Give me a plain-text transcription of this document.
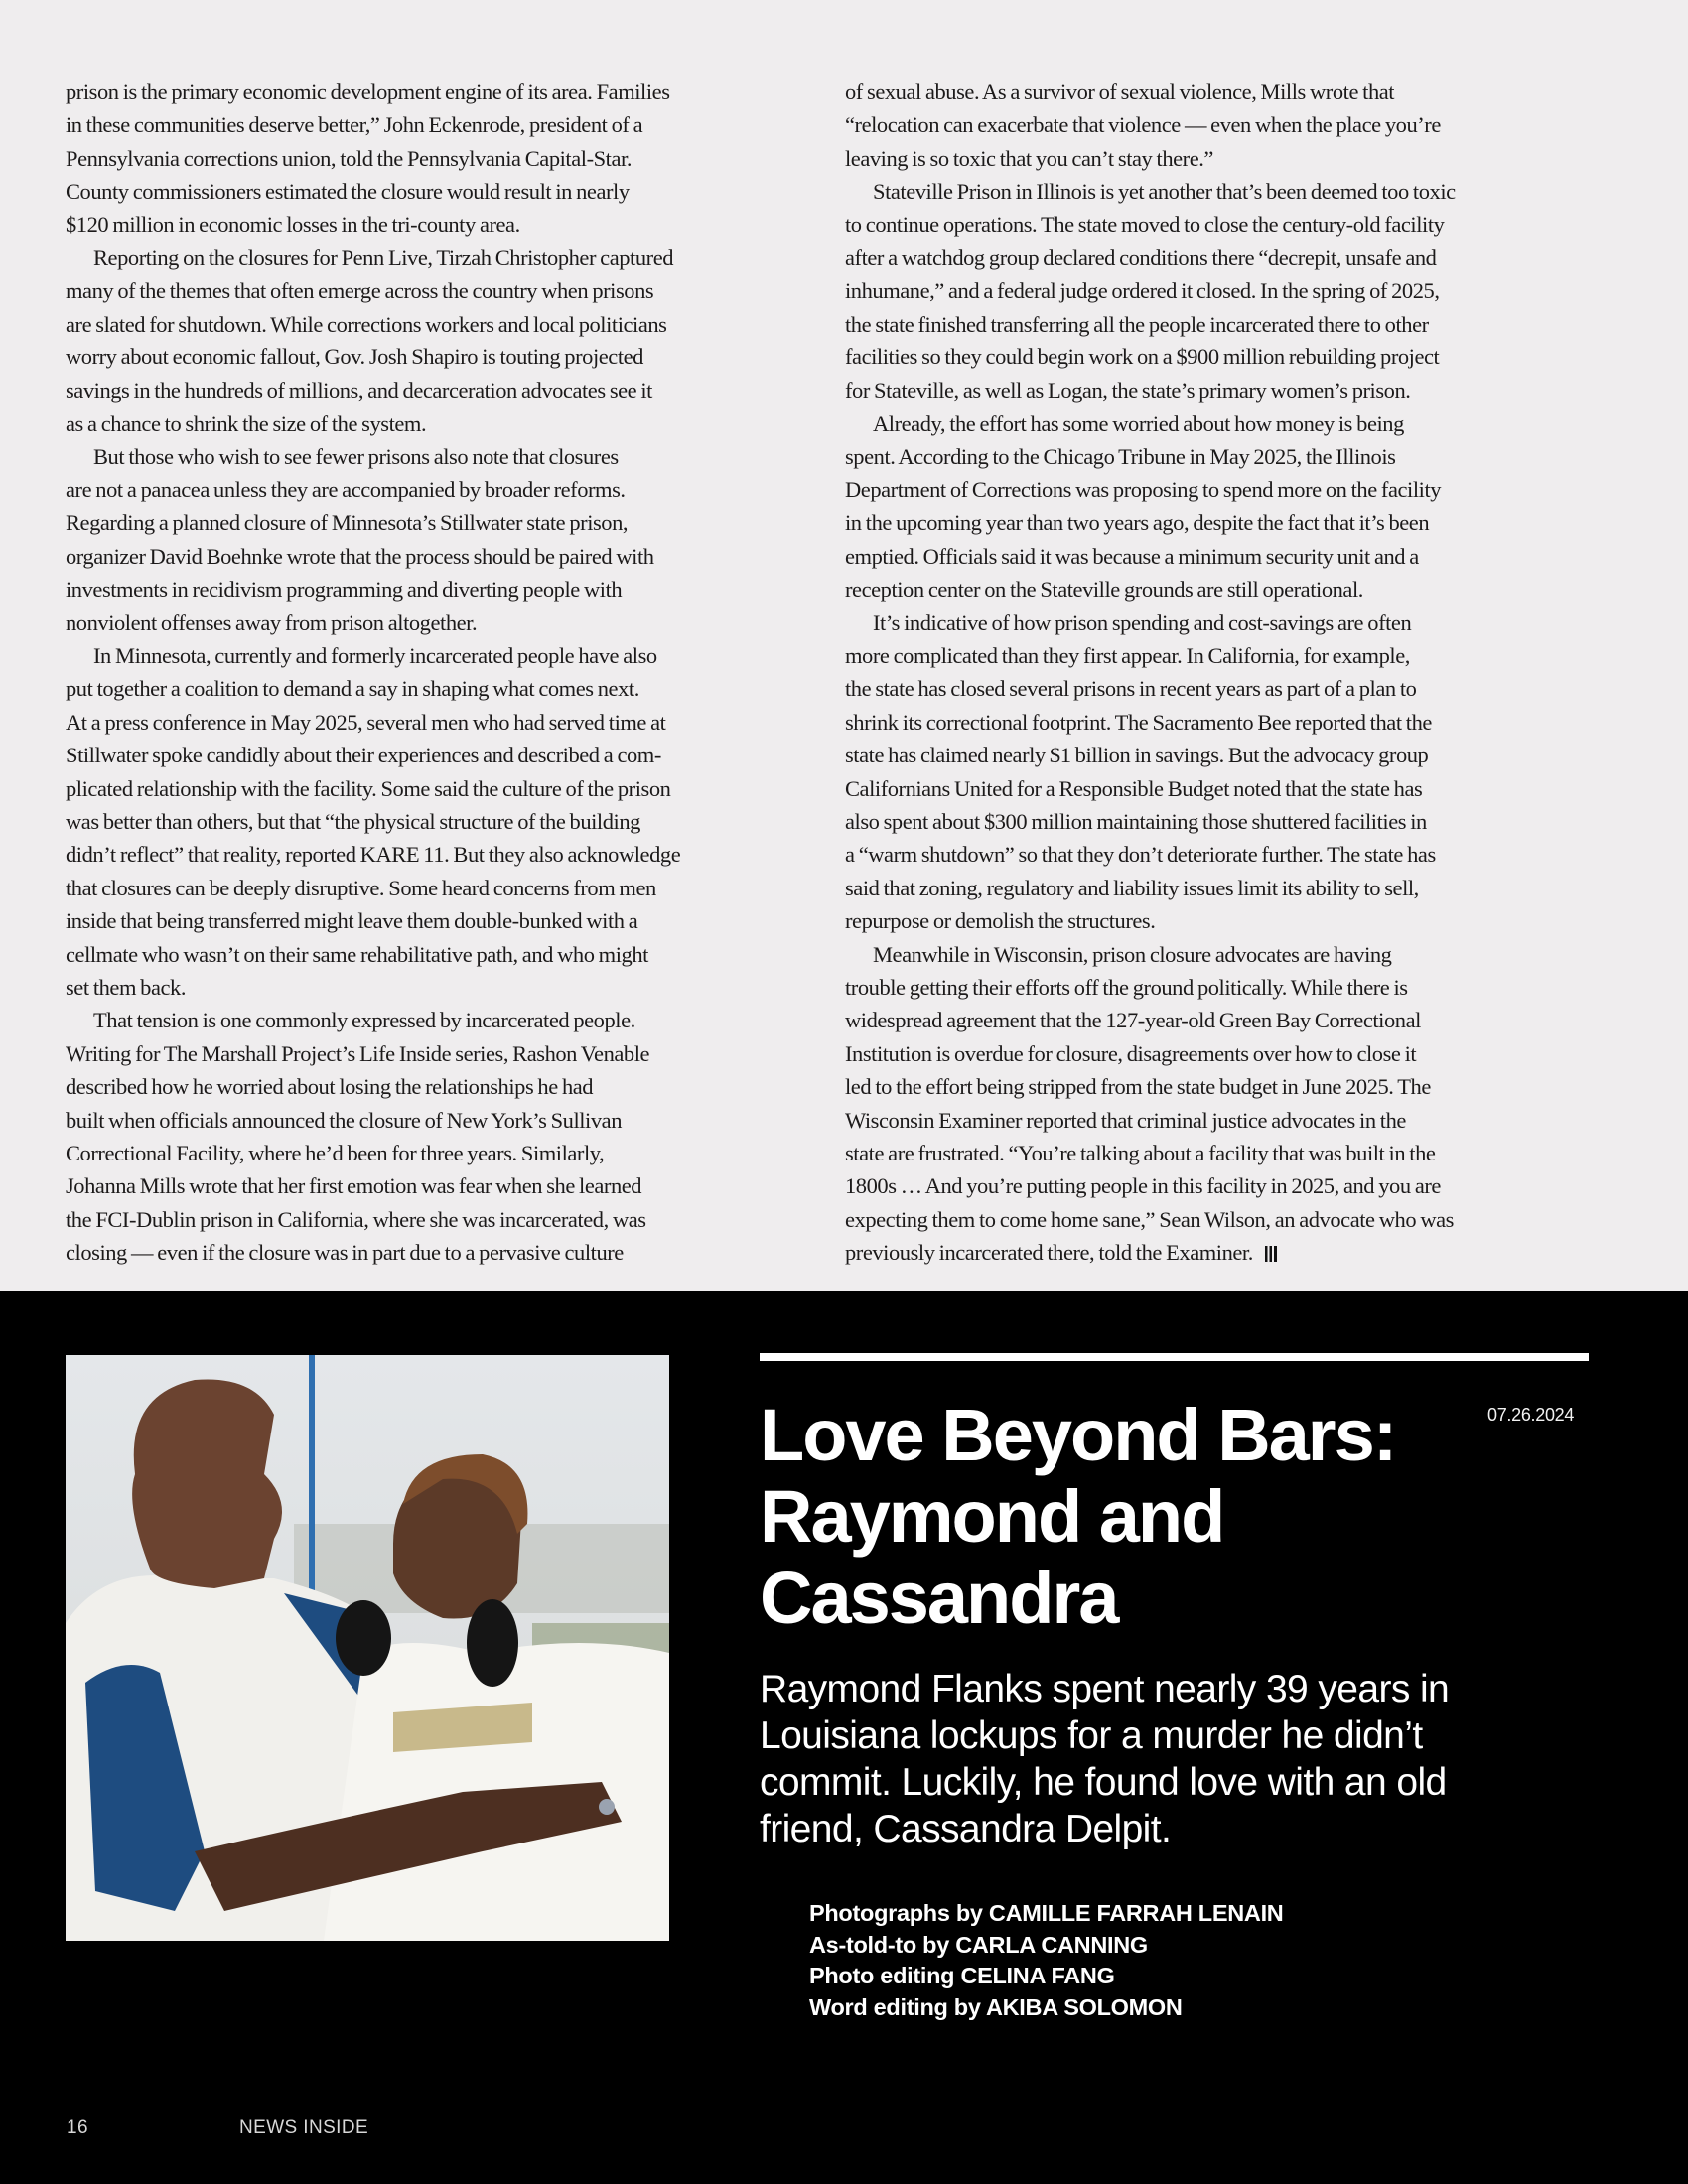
prison is the primary economic development engine of its area. Families
in these communities deserve better,” John Eckenrode, president of a
Pennsylvania corrections union, told the Pennsylvania Capital-Star.
County commissioners estimated the closure would result in nearly
$120 million in economic losses in the tri-county area.
Reporting on the closures for Penn Live, Tirzah Christopher captured
many of the themes that often emerge across the country when prisons
are slated for shutdown. While corrections workers and local politicians
worry about economic fallout, Gov. Josh Shapiro is touting projected
savings in the hundreds of millions, and decarceration advocates see it
as a chance to shrink the size of the system.
But those who wish to see fewer prisons also note that closures
are not a panacea unless they are accompanied by broader reforms.
Regarding a planned closure of Minnesota’s Stillwater state prison,
organizer David Boehnke wrote that the process should be paired with
investments in recidivism programming and diverting people with
nonviolent offenses away from prison altogether.
In Minnesota, currently and formerly incarcerated people have also
put together a coalition to demand a say in shaping what comes next.
At a press conference in May 2025, several men who had served time at
Stillwater spoke candidly about their experiences and described a com-
plicated relationship with the facility. Some said the culture of the prison
was better than others, but that “the physical structure of the building
didn’t reflect” that reality, reported KARE 11. But they also acknowledge
that closures can be deeply disruptive. Some heard concerns from men
inside that being transferred might leave them double-bunked with a
cellmate who wasn’t on their same rehabilitative path, and who might
set them back.
That tension is one commonly expressed by incarcerated people.
Writing for The Marshall Project’s Life Inside series, Rashon Venable
described how he worried about losing the relationships he had
built when officials announced the closure of New York’s Sullivan
Correctional Facility, where he’d been for three years. Similarly,
Johanna Mills wrote that her first emotion was fear when she learned
the FCI-Dublin prison in California, where she was incarcerated, was
closing — even if the closure was in part due to a pervasive culture
of sexual abuse. As a survivor of sexual violence, Mills wrote that
“relocation can exacerbate that violence — even when the place you’re
leaving is so toxic that you can’t stay there.”
Stateville Prison in Illinois is yet another that’s been deemed too toxic
to continue operations. The state moved to close the century-old facility
after a watchdog group declared conditions there “decrepit, unsafe and
inhumane,” and a federal judge ordered it closed. In the spring of 2025,
the state finished transferring all the people incarcerated there to other
facilities so they could begin work on a $900 million rebuilding project
for Stateville, as well as Logan, the state’s primary women’s prison.
Already, the effort has some worried about how money is being
spent. According to the Chicago Tribune in May 2025, the Illinois
Department of Corrections was proposing to spend more on the facility
in the upcoming year than two years ago, despite the fact that it’s been
emptied. Officials said it was because a minimum security unit and a
reception center on the Stateville grounds are still operational.
It’s indicative of how prison spending and cost-savings are often
more complicated than they first appear. In California, for example,
the state has closed several prisons in recent years as part of a plan to
shrink its correctional footprint. The Sacramento Bee reported that the
state has claimed nearly $1 billion in savings. But the advocacy group
Californians United for a Responsible Budget noted that the state has
also spent about $300 million maintaining those shuttered facilities in
a “warm shutdown” so that they don’t deteriorate further. The state has
said that zoning, regulatory and liability issues limit its ability to sell,
repurpose or demolish the structures.
Meanwhile in Wisconsin, prison closure advocates are having
trouble getting their efforts off the ground politically. While there is
widespread agreement that the 127-year-old Green Bay Correctional
Institution is overdue for closure, disagreements over how to close it
led to the effort being stripped from the state budget in June 2025. The
Wisconsin Examiner reported that criminal justice advocates in the
state are frustrated. “You’re talking about a facility that was built in the
1800s … And you’re putting people in this facility in 2025, and you are
expecting them to come home sane,” Sean Wilson, an advocate who was
previously incarcerated there, told the Examiner.
07.26.2024
Love Beyond Bars:
Raymond and
Cassandra

Raymond Flanks spent nearly 39 years in Louisiana lockups for a murder he didn’t commit. Luckily, he found love with an old friend, Cassandra Delpit.

Photographs by CAMILLE FARRAH LENAIN
As-told-to by CARLA CANNING
Photo editing CELINA FANG
Word editing by AKIBA SOLOMON
16	NEWS INSIDE
